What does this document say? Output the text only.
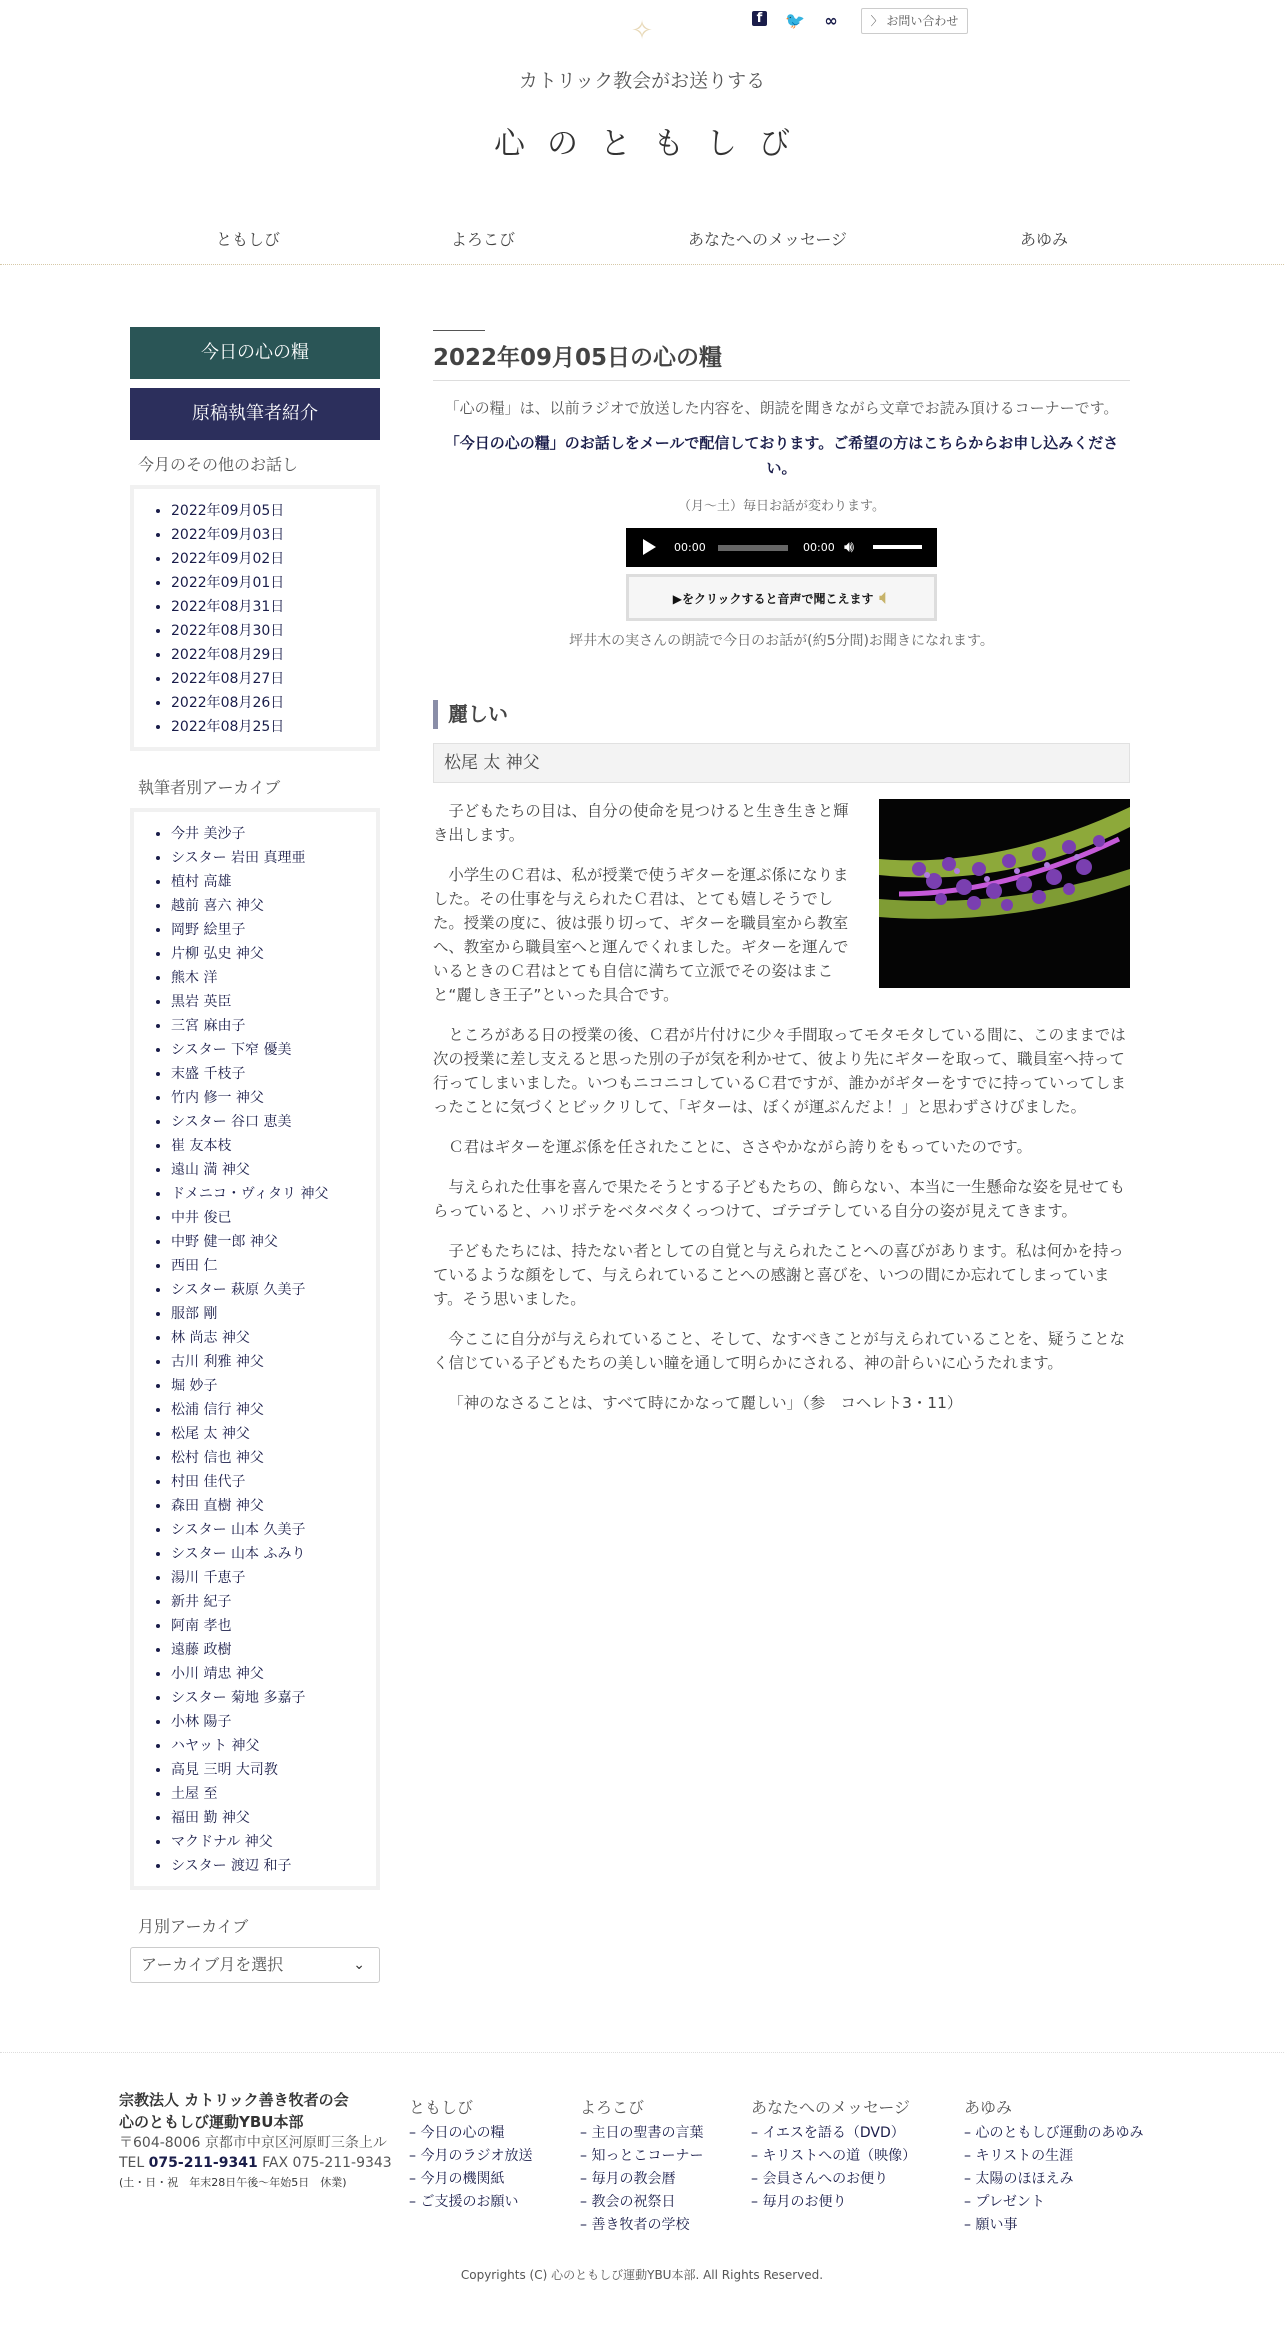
✧	f 🐦 ∞	〉 お問い合わせ
カトリック教会がお送りする
心のともしび
ともしび	よろこび	あなたへのメッセージ	あゆみ
今日の心の糧
原稿執筆者紹介
今月のその他のお話し
• 2022年09月05日
• 2022年09月03日
• 2022年09月02日
• 2022年09月01日
• 2022年08月31日
• 2022年08月30日
• 2022年08月29日
• 2022年08月27日
• 2022年08月26日
• 2022年08月25日
執筆者別アーカイブ
• 今井 美沙子
• シスター 岩田 真理亜
• 植村 高雄
• 越前 喜六 神父
• 岡野 絵里子
• 片柳 弘史 神父
• 熊木 洋
• 黒岩 英臣
• 三宮 麻由子
• シスター 下窄 優美
• 末盛 千枝子
• 竹内 修一 神父
• シスター 谷口 恵美
• 崔 友本枝
• 遠山 満 神父
• ドメニコ・ヴィタリ 神父
• 中井 俊已
• 中野 健一郎 神父
• 西田 仁
• シスター 萩原 久美子
• 服部 剛
• 林 尚志 神父
• 古川 利雅 神父
• 堀 妙子
• 松浦 信行 神父
• 松尾 太 神父
• 松村 信也 神父
• 村田 佳代子
• 森田 直樹 神父
• シスター 山本 久美子
• シスター 山本 ふみり
• 湯川 千恵子
• 新井 紀子
• 阿南 孝也
• 遠藤 政樹
• 小川 靖忠 神父
• シスター 菊地 多嘉子
• 小林 陽子
• ハヤット 神父
• 高見 三明 大司教
• 土屋 至
• 福田 勤 神父
• マクドナル 神父
• シスター 渡辺 和子
月別アーカイブ
アーカイブ月を選択	⌄
2022年09月05日の心の糧

「心の糧」は、以前ラジオで放送した内容を、朗読を聞きながら文章でお読み頂けるコーナーです。

「今日の心の糧」のお話しをメールで配信しております。ご希望の方はこちらからお申し込みください。

（月～土）毎日お話が変わります。

00:00	00:00 🔊︎
▶をクリックすると音声で聞こえます 🔈︎

坪井木の実さんの朗読で今日のお話が(約5分間)お聞きになれます。

麗しい
松尾 太 神父

子どもたちの目は、自分の使命を見つけると生き生きと輝き出します。

小学生のＣ君は、私が授業で使うギターを運ぶ係になりました。その仕事を与えられたＣ君は、とても嬉しそうでした。授業の度に、彼は張り切って、ギターを職員室から教室へ、教室から職員室へと運んでくれました。ギターを運んでいるときのＣ君はとても自信に満ちて立派でその姿はまこと“麗しき王子”といった具合です。

ところがある日の授業の後、Ｃ君が片付けに少々手間取ってモタモタしている間に、このままでは次の授業に差し支えると思った別の子が気を利かせて、彼より先にギターを取って、職員室へ持って行ってしまいました。いつもニコニコしているＣ君ですが、誰かがギターをすでに持っていってしまったことに気づくとビックリして、「ギターは、ぼくが運ぶんだよ！」と思わずさけびました。

Ｃ君はギターを運ぶ係を任されたことに、ささやかながら誇りをもっていたのです。

与えられた仕事を喜んで果たそうとする子どもたちの、飾らない、本当に一生懸命な姿を見せてもらっていると、ハリボテをベタベタくっつけて、ゴテゴテしている自分の姿が見えてきます。

子どもたちには、持たない者としての自覚と与えられたことへの喜びがあります。私は何かを持っているような顔をして、与えられていることへの感謝と喜びを、いつの間にか忘れてしまっています。そう思いました。

今ここに自分が与えられていること、そして、なすべきことが与えられていることを、疑うことなく信じている子どもたちの美しい瞳を通して明らかにされる、神の計らいに心うたれます。

「神のなさることは、すべて時にかなって麗しい」（参　コヘレト3・11）

宗教法人 カトリック善き牧者の会
心のともしび運動YBU本部
〒604-8006 京都市中京区河原町三条上ル
TEL 075-211-9341 FAX 075-211-9343
(土・日・祝　年末28日午後〜年始5日　休業)
ともしび
– 今日の心の糧
– 今月のラジオ放送
– 今月の機関紙
– ご支援のお願い
よろこび
– 主日の聖書の言葉
– 知っとこコーナー
– 毎月の教会暦
– 教会の祝祭日
– 善き牧者の学校
あなたへのメッセージ
– イエスを語る（DVD）
– キリストへの道（映像）
– 会員さんへのお便り
– 毎月のお便り
あゆみ
– 心のともしび運動のあゆみ
– キリストの生涯
– 太陽のほほえみ
– プレゼント
– 願い事
Copyrights (C) 心のともしび運動YBU本部. All Rights Reserved.
